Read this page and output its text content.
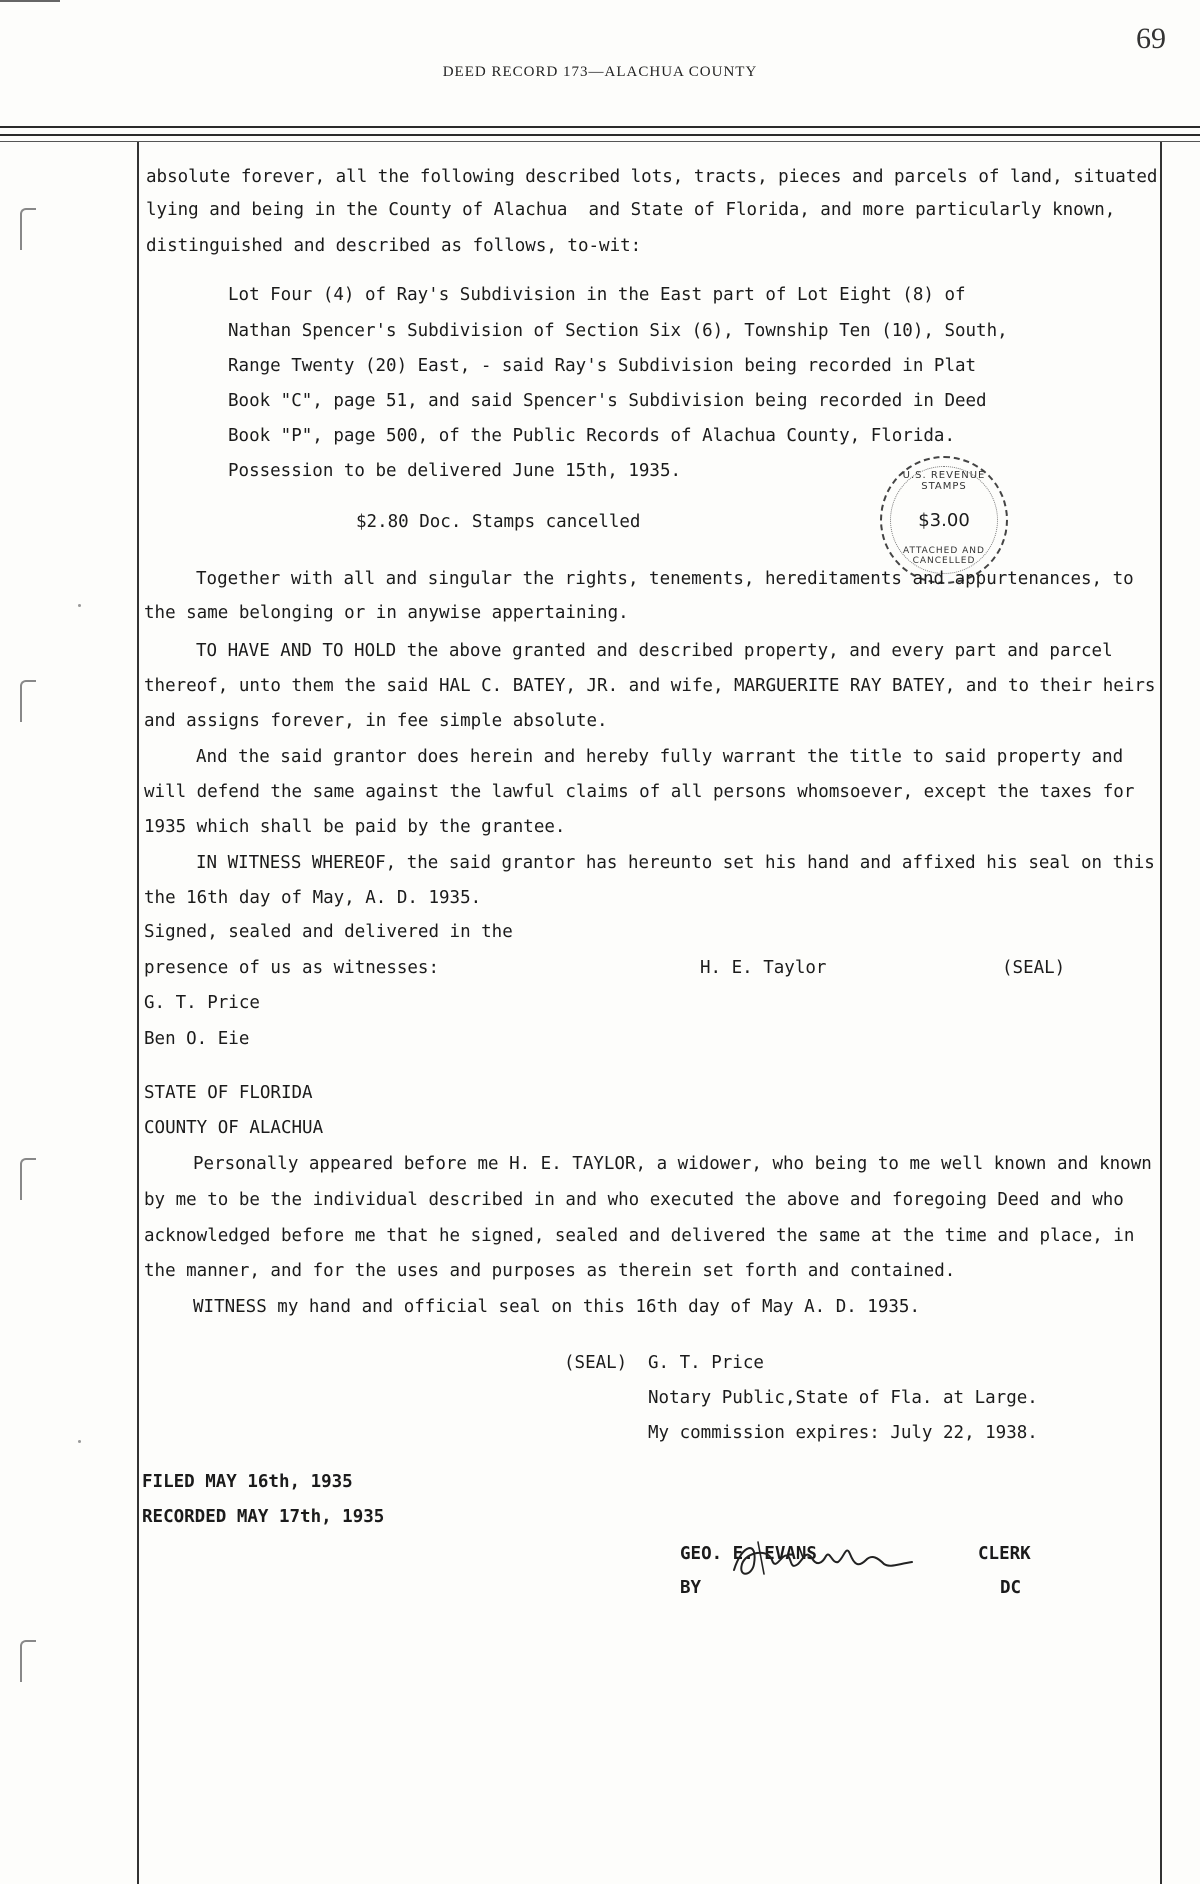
69
DEED RECORD 173—ALACHUA COUNTY
absolute forever, all the following described lots, tracts, pieces and parcels of land, situated
lying and being in the County of Alachua  and State of Florida, and more particularly known,
distinguished and described as follows, to-wit:
Lot Four (4) of Ray's Subdivision in the East part of Lot Eight (8) of
Nathan Spencer's Subdivision of Section Six (6), Township Ten (10), South,
Range Twenty (20) East, - said Ray's Subdivision being recorded in Plat
Book "C", page 51, and said Spencer's Subdivision being recorded in Deed
Book "P", page 500, of the Public Records of Alachua County, Florida.
Possession to be delivered June 15th, 1935.
$2.80 Doc. Stamps cancelled
U.S. REVENUE STAMPS
$3.00
ATTACHED AND CANCELLED
Together with all and singular the rights, tenements, hereditaments and appurtenances, to
the same belonging or in anywise appertaining.
TO HAVE AND TO HOLD the above granted and described property, and every part and parcel
thereof, unto them the said HAL C. BATEY, JR. and wife, MARGUERITE RAY BATEY, and to their heirs
and assigns forever, in fee simple absolute.
And the said grantor does herein and hereby fully warrant the title to said property and
will defend the same against the lawful claims of all persons whomsoever, except the taxes for
1935 which shall be paid by the grantee.
IN WITNESS WHEREOF, the said grantor has hereunto set his hand and affixed his seal on this
the 16th day of May, A. D. 1935.
Signed, sealed and delivered in the
presence of us as witnesses:	H. E. Taylor	(SEAL)
G. T. Price
Ben O. Eie
STATE OF FLORIDA
COUNTY OF ALACHUA
Personally appeared before me H. E. TAYLOR, a widower, who being to me well known and known
by me to be the individual described in and who executed the above and foregoing Deed and who
acknowledged before me that he signed, sealed and delivered the same at the time and place, in
the manner, and for the uses and purposes as therein set forth and contained.
WITNESS my hand and official seal on this 16th day of May A. D. 1935.
(SEAL) G. T. Price
Notary Public,State of Fla. at Large.
My commission expires: July 22, 1938.
FILED MAY 16th, 1935
RECORDED MAY 17th, 1935
GEO. E. EVANS	CLERK
BY	DC
